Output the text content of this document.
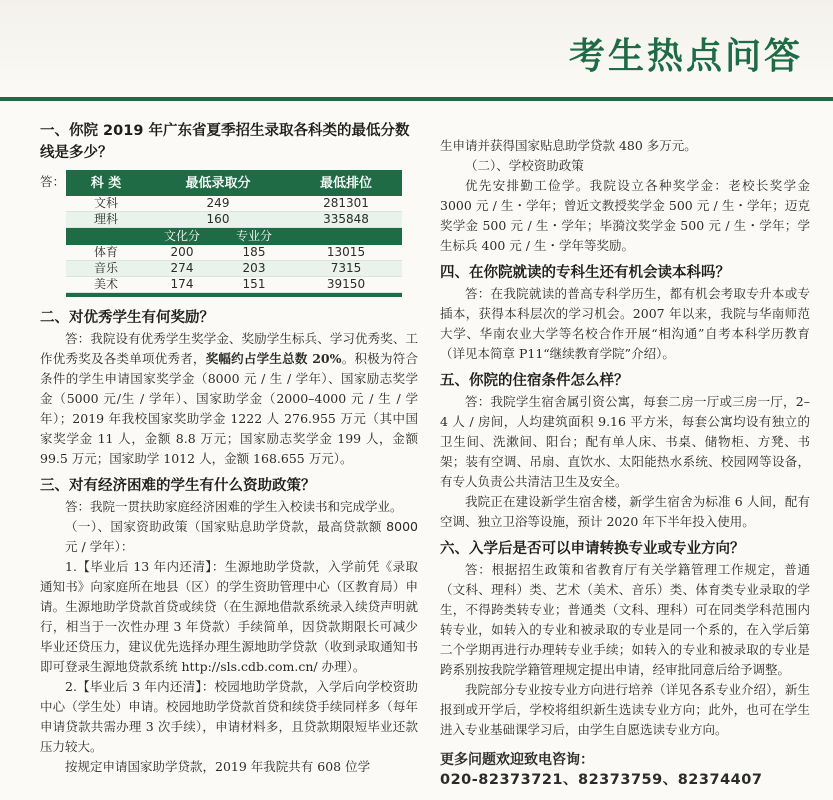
考生热点问答
一、你院 2019 年广东省夏季招生录取各科类的最低分数线是多少？
答： 科 类	最低录取分		最低排位
文科	249		281301
理科	160		335848
	文化分	专业分	
体育	200	185	13015
音乐	274	203	7315
美术	174	151	39150
二、对优秀学生有何奖励？

答：我院设有优秀学生奖学金、奖励学生标兵、学习优秀奖、工作优秀奖及各类单项优秀者，奖幅约占学生总数 20%。积极为符合条件的学生申请国家奖学金（8000 元 / 生 / 学年）、国家励志奖学金（5000 元/生 / 学年）、国家助学金（2000–4000 元 / 生 / 学年）；2019 年我校国家奖助学金 1222 人 276.955 万元（其中国家奖学金 11 人，金额 8.8 万元；国家励志奖学金 199 人，金额 99.5 万元；国家助学 1012 人，金额 168.655 万元）。

三、对有经济困难的学生有什么资助政策？

答：我院一贯扶助家庭经济困难的学生入校读书和完成学业。

（一）、国家资助政策（国家贴息助学贷款，最高贷款额 8000 元 / 学年）：

1.【毕业后 13 年内还清】：生源地助学贷款，入学前凭《录取通知书》向家庭所在地县（区）的学生资助管理中心（区教育局）申请。生源地助学贷款首贷或续贷（在生源地借款系统录入续贷声明就行，相当于一次性办理 3 年贷款）手续简单，因贷款期限长可减少毕业还贷压力，建议优先选择办理生源地助学贷款（收到录取通知书即可登录生源地贷款系统 http://sls.cdb.com.cn/ 办理）。

2.【毕业后 3 年内还清】：校园地助学贷款，入学后向学校资助中心（学生处）申请。校园地助学贷款首贷和续贷手续同样多（每年申请贷款共需办理 3 次手续），申请材料多，且贷款期限短毕业还款压力较大。

按规定申请国家助学贷款，2019 年我院共有 608 位学

生申请并获得国家贴息助学贷款 480 多万元。

（二）、学校资助政策

优先安排勤工俭学。我院设立各种奖学金：老校长奖学金 3000 元 / 生・学年；曾近文教授奖学金 500 元 / 生・学年；迈克奖学金 500 元 / 生・学年；毕漪汶奖学金 500 元 / 生・学年；学生标兵 400 元 / 生・学年等奖励。

四、在你院就读的专科生还有机会读本科吗？

答：在我院就读的普高专科学历生，都有机会考取专升本或专插本，获得本科层次的学习机会。2007 年以来，我院与华南师范大学、华南农业大学等名校合作开展“相沟通”自考本科学历教育（详见本简章 P11“继续教育学院”介绍）。

五、你院的住宿条件怎么样？

答：我院学生宿舍属引资公寓，每套二房一厅或三房一厅，2–4 人 / 房间，人均建筑面积 9.16 平方米，每套公寓均设有独立的卫生间、洗漱间、阳台；配有单人床、书桌、储物柜、方凳、书架；装有空调、吊扇、直饮水、太阳能热水系统、校园网等设备，有专人负责公共清洁卫生及安全。

我院正在建设新学生宿舍楼，新学生宿舍为标准 6 人间，配有空调、独立卫浴等设施，预计 2020 年下半年投入使用。

六、入学后是否可以申请转换专业或专业方向？

答：根据招生政策和省教育厅有关学籍管理工作规定，普通（文科、理科）类、艺术（美术、音乐）类、体育类专业录取的学生，不得跨类转专业；普通类（文科、理科）可在同类学科范围内转专业，如转入的专业和被录取的专业是同一个系的，在入学后第二个学期再进行办理转专业手续；如转入的专业和被录取的专业是跨系别按我院学籍管理规定提出申请，经审批同意后给予调整。

我院部分专业按专业方向进行培养（详见各系专业介绍），新生报到或开学后，学校将组织新生选读专业方向；此外，也可在学生进入专业基础课学习后，由学生自愿选读专业方向。

更多问题欢迎致电咨询：
020-82373721、82373759、82374407
